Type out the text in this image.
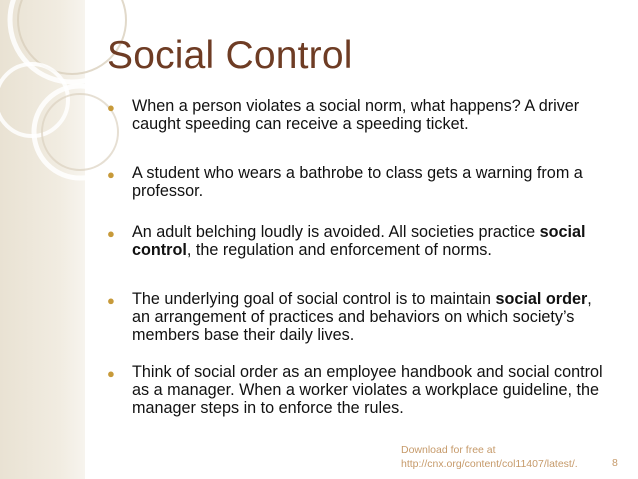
Social Control
● When a person violates a social norm, what happens? A driver caught speeding can receive a speeding ticket.
● A student who wears a bathrobe to class gets a warning from a professor.
● An adult belching loudly is avoided. All societies practice social control, the regulation and enforcement of norms.
● The underlying goal of social control is to maintain social order, an arrangement of practices and behaviors on which society’s members base their daily lives.
● Think of social order as an employee handbook and social control as a manager. When a worker violates a workplace guideline, the manager steps in to enforce the rules.
Download for free at
http://cnx.org/content/col11407/latest/.	8
